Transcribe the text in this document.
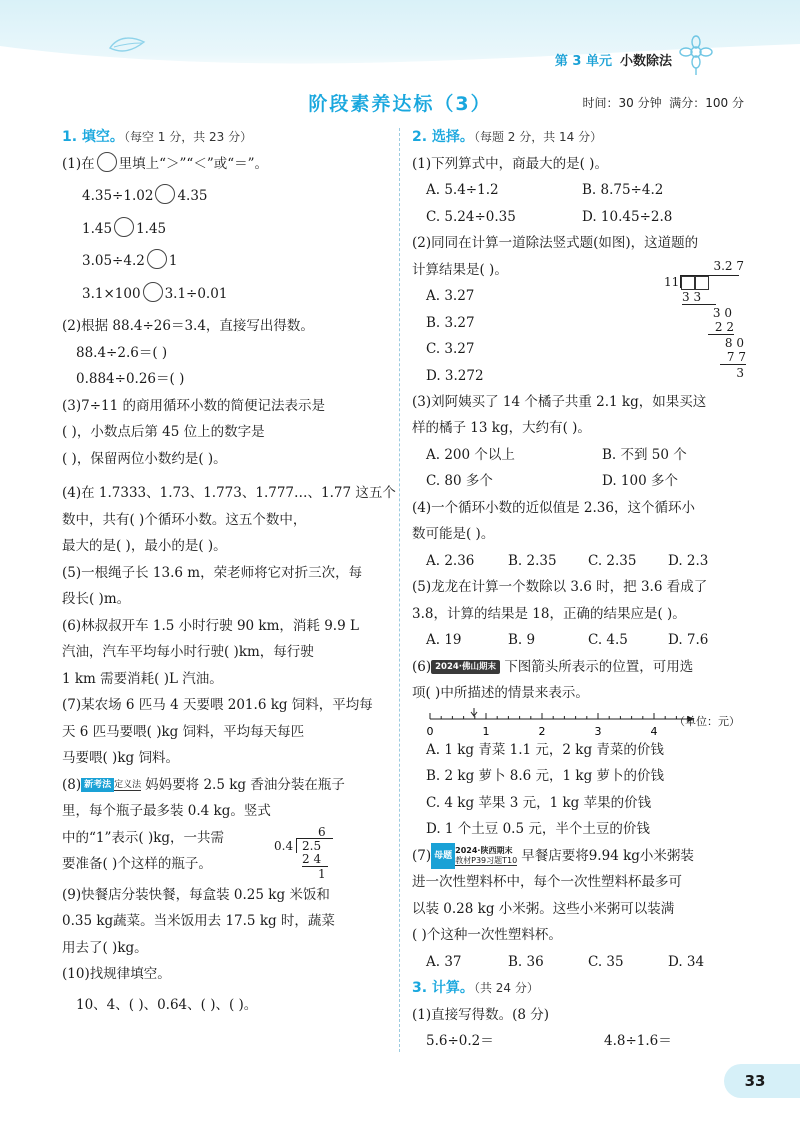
第 3 单元 小数除法
阶段素养达标（3）	时间：30 分钟 满分：100 分
1. 填空。（每空 1 分，共 23 分）
(1)在 里填上“＞”“＜”或“＝”。
4.35÷1.02 4.35
1.45 1.45
3.05÷4.2 1
3.1×100 3.1÷0.01
(2)根据 88.4÷26＝3.4，直接写出得数。
88.4÷2.6＝( )
0.884÷0.26＝( )
(3)7÷11 的商用循环小数的简便记法表示是
( )，小数点后第 45 位上的数字是
( )，保留两位小数约是( )。
(4)在 1.7333、1.73、1.773、1.777…、1.77 这五个
数中，共有( )个循环小数。这五个数中，
最大的是( )，最小的是( )。
(5)一根绳子长 13.6 m，荣老师将它对折三次，每
段长( )m。
(6)林叔叔开车 1.5 小时行驶 90 km，消耗 9.9 L
汽油，汽车平均每小时行驶( )km，每行驶
1 km 需要消耗( )L 汽油。
(7)某农场 6 匹马 4 天要喂 201.6 kg 饲料，平均每
天 6 匹马要喂( )kg 饲料，平均每天每匹
马要喂( )kg 饲料。
(8) 新考法 定义法 妈妈要将 2.5 kg 香油分装在瓶子
里，每个瓶子最多装 0.4 kg。竖式
中的“1”表示( )kg，一共需
要准备( )个这样的瓶子。
6
0.4 2.5
2 4
1
(9)快餐店分装快餐，每盒装 0.25 kg 米饭和
0.35 kg蔬菜。当米饭用去 17.5 kg 时，蔬菜
用去了( )kg。
(10)找规律填空。
10、4、( )、0.64、( )、( )。
2. 选择。（每题 2 分，共 14 分）
(1)下列算式中，商最大的是( )。
A. 5.4÷1.2	B. 8.75÷4.2
C. 5.24÷0.35	D. 10.45÷2.8
(2)同同在计算一道除法竖式题(如图)，这道题的
计算结果是( )。
A. 3.27
B. 3.27
C. 3.27
D. 3.272
3.2 7
11
3 3
3 0
2 2
8 0
7 7
3
(3)刘阿姨买了 14 个橘子共重 2.1 kg，如果买这
样的橘子 13 kg，大约有( )。
A. 200 个以上	B. 不到 50 个
C. 80 多个	D. 100 多个
(4)一个循环小数的近似值是 2.36，这个循环小
数可能是( )。
A. 2.36	B. 2.35	C. 2.35	D. 2.3
(5)龙龙在计算一个数除以 3.6 时，把 3.6 看成了
3.8，计算的结果是 18，正确的结果应是( )。
A. 19	B. 9	C. 4.5	D. 7.6
(6) 2024·佛山期末 下图箭头所表示的位置，可用选
项( )中所描述的情景来表示。
0	1	2	3	4
（单位：元）
A. 1 kg 青菜 1.1 元，2 kg 青菜的价钱
B. 2 kg 萝卜 8.6 元，1 kg 萝卜的价钱
C. 4 kg 苹果 3 元，1 kg 苹果的价钱
D. 1 个土豆 0.5 元，半个土豆的价钱
(7) 母题2024·陕西期末
教材P39习题T10 早餐店要将9.94 kg小米粥装
进一次性塑料杯中，每个一次性塑料杯最多可
以装 0.28 kg 小米粥。这些小米粥可以装满
( )个这种一次性塑料杯。
A. 37	B. 36	C. 35	D. 34
3. 计算。（共 24 分）
(1)直接写得数。(8 分)
5.6÷0.2＝	4.8÷1.6＝
33
